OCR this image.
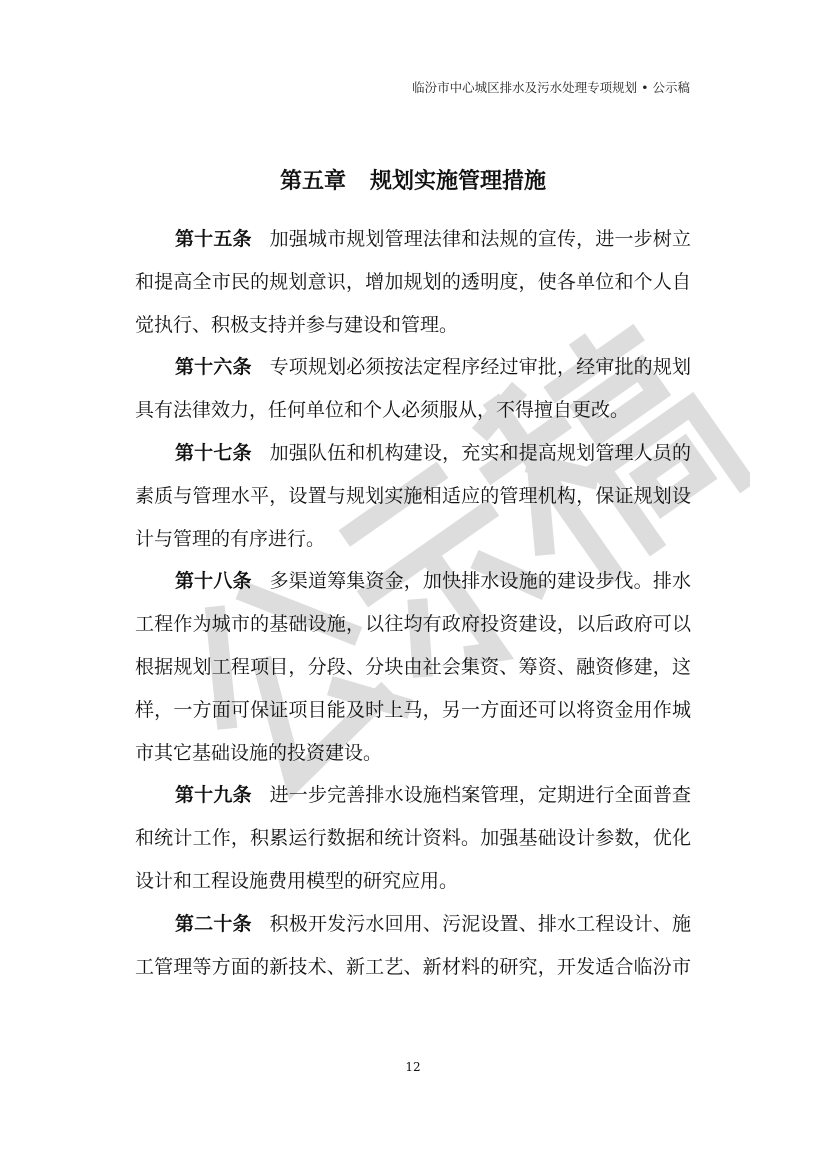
临汾市中心城区排水及污水处理专项规划 • 公示稿
第五章 规划实施管理措施
第十五条 加强城市规划管理法律和法规的宣传，进一步树立
和提高全市民的规划意识，增加规划的透明度，使各单位和个人自
觉执行、积极支持并参与建设和管理。
第十六条 专项规划必须按法定程序经过审批，经审批的规划
具有法律效力，任何单位和个人必须服从，不得擅自更改。
第十七条 加强队伍和机构建设，充实和提高规划管理人员的
素质与管理水平，设置与规划实施相适应的管理机构，保证规划设
计与管理的有序进行。
第十八条 多渠道筹集资金，加快排水设施的建设步伐。排水
工程作为城市的基础设施，以往均有政府投资建设，以后政府可以
根据规划工程项目，分段、分块由社会集资、筹资、融资修建，这
样，一方面可保证项目能及时上马，另一方面还可以将资金用作城
市其它基础设施的投资建设。
第十九条 进一步完善排水设施档案管理，定期进行全面普查
和统计工作，积累运行数据和统计资料。加强基础设计参数，优化
设计和工程设施费用模型的研究应用。
第二十条 积极开发污水回用、污泥设置、排水工程设计、施
工管理等方面的新技术、新工艺、新材料的研究，开发适合临汾市
12
